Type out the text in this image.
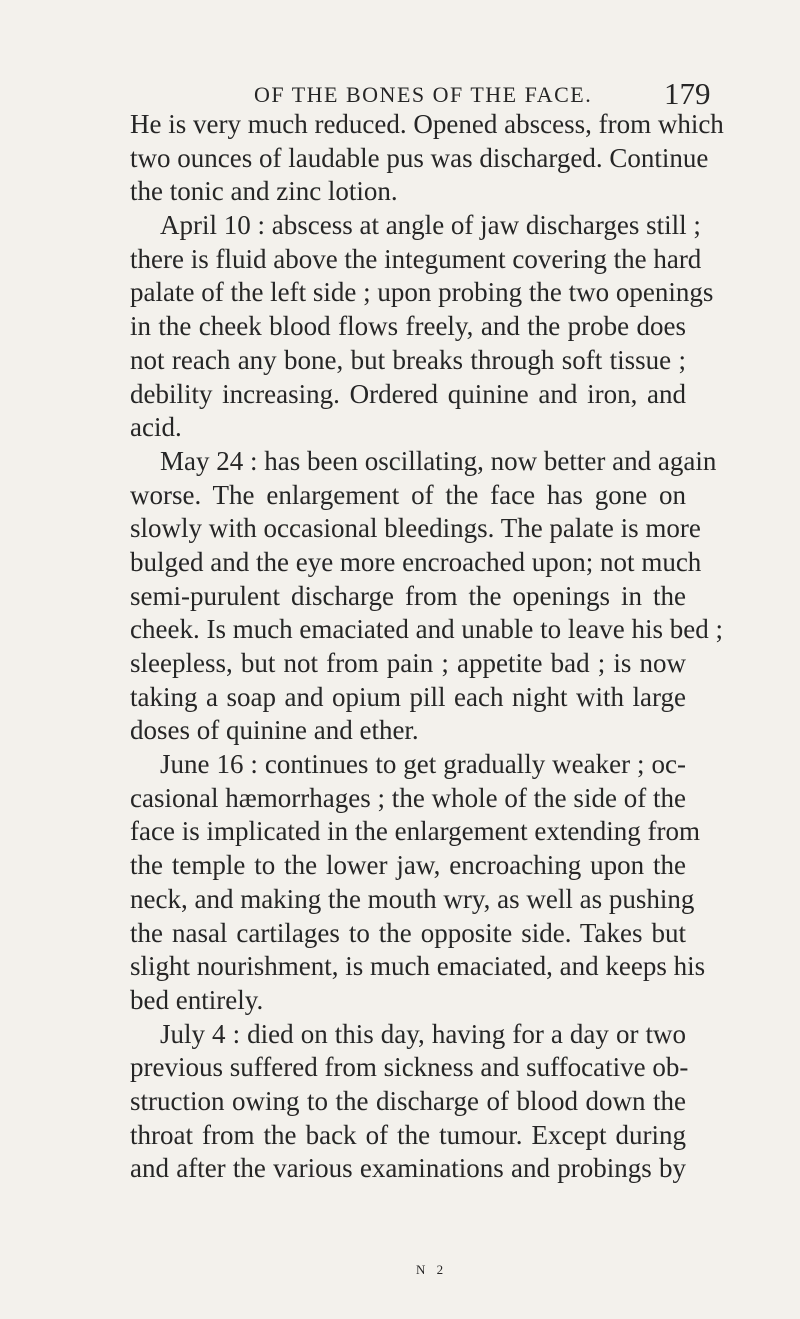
OF THE BONES OF THE FACE. 179
He is very much reduced. Opened abscess, from which
two ounces of laudable pus was discharged. Continue
the tonic and zinc lotion.
April 10 : abscess at angle of jaw discharges still ;
there is fluid above the integument covering the hard
palate of the left side ; upon probing the two openings
in the cheek blood flows freely, and the probe does
not reach any bone, but breaks through soft tissue ;
debility increasing. Ordered quinine and iron, and
acid.
May 24 : has been oscillating, now better and again
worse. The enlargement of the face has gone on
slowly with occasional bleedings. The palate is more
bulged and the eye more encroached upon; not much
semi-purulent discharge from the openings in the
cheek. Is much emaciated and unable to leave his bed ;
sleepless, but not from pain ; appetite bad ; is now
taking a soap and opium pill each night with large
doses of quinine and ether.
June 16 : continues to get gradually weaker ; oc-
casional hæmorrhages ; the whole of the side of the
face is implicated in the enlargement extending from
the temple to the lower jaw, encroaching upon the
neck, and making the mouth wry, as well as pushing
the nasal cartilages to the opposite side. Takes but
slight nourishment, is much emaciated, and keeps his
bed entirely.
July 4 : died on this day, having for a day or two
previous suffered from sickness and suffocative ob-
struction owing to the discharge of blood down the
throat from the back of the tumour. Except during
and after the various examinations and probings by
N 2
